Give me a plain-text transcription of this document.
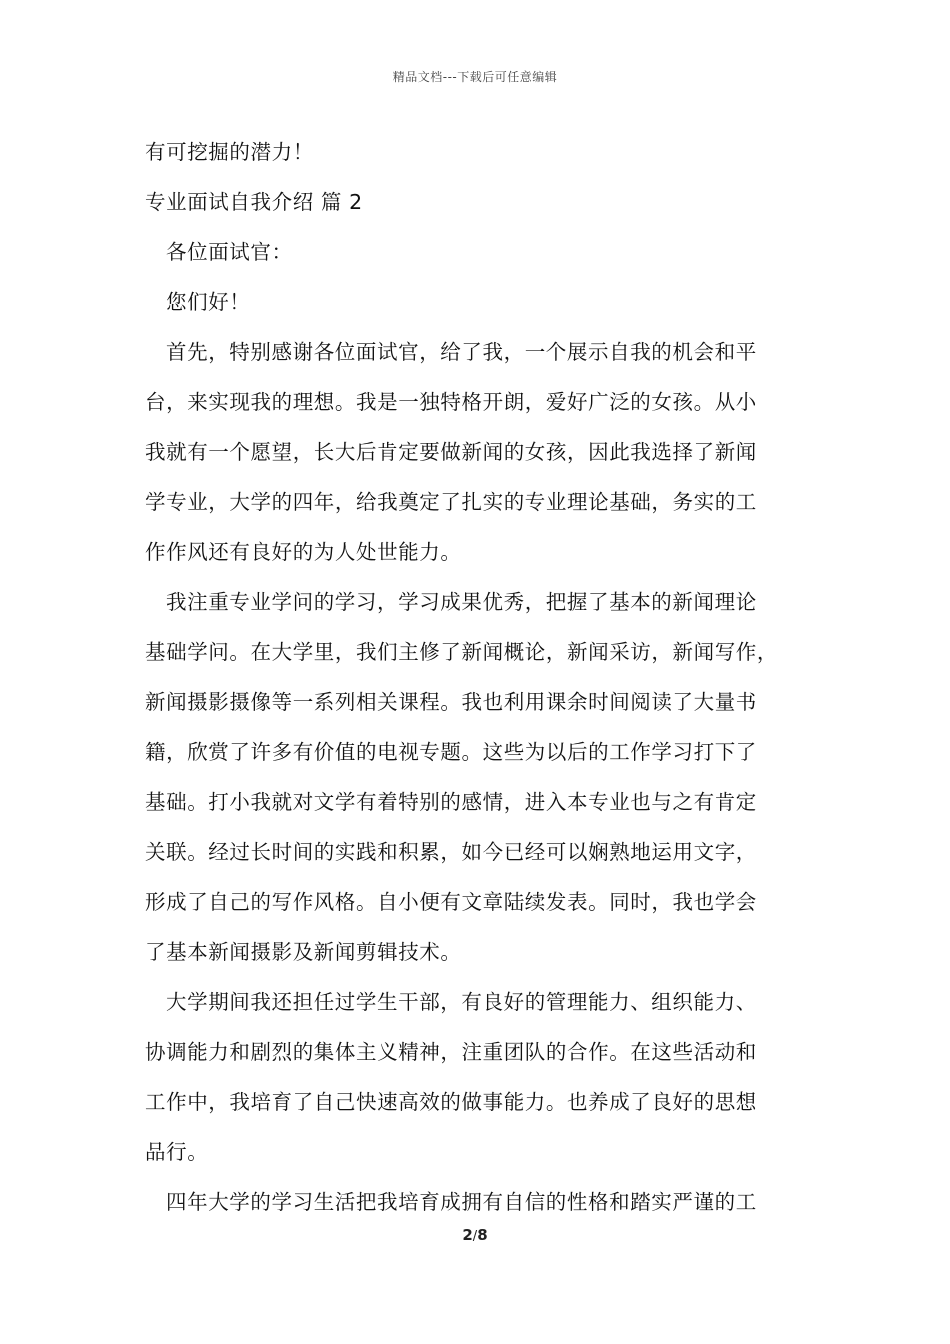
精品文档---下载后可任意编辑
有可挖掘的潜力！
专业面试自我介绍 篇 2
各位面试官：
您们好！
首先，特别感谢各位面试官，给了我，一个展示自我的机会和平
台，来实现我的理想。我是一独特格开朗，爱好广泛的女孩。从小
我就有一个愿望，长大后肯定要做新闻的女孩，因此我选择了新闻
学专业，大学的四年，给我奠定了扎实的专业理论基础，务实的工
作作风还有良好的为人处世能力。
我注重专业学问的学习，学习成果优秀，把握了基本的新闻理论
基础学问。在大学里，我们主修了新闻概论，新闻采访，新闻写作，
新闻摄影摄像等一系列相关课程。我也利用课余时间阅读了大量书
籍，欣赏了许多有价值的电视专题。这些为以后的工作学习打下了
基础。打小我就对文学有着特别的感情，进入本专业也与之有肯定
关联。经过长时间的实践和积累，如今已经可以娴熟地运用文字，
形成了自己的写作风格。自小便有文章陆续发表。同时，我也学会
了基本新闻摄影及新闻剪辑技术。
大学期间我还担任过学生干部，有良好的管理能力、组织能力、
协调能力和剧烈的集体主义精神，注重团队的合作。在这些活动和
工作中，我培育了自己快速高效的做事能力。也养成了良好的思想
品行。
四年大学的学习生活把我培育成拥有自信的性格和踏实严谨的工
2/8
